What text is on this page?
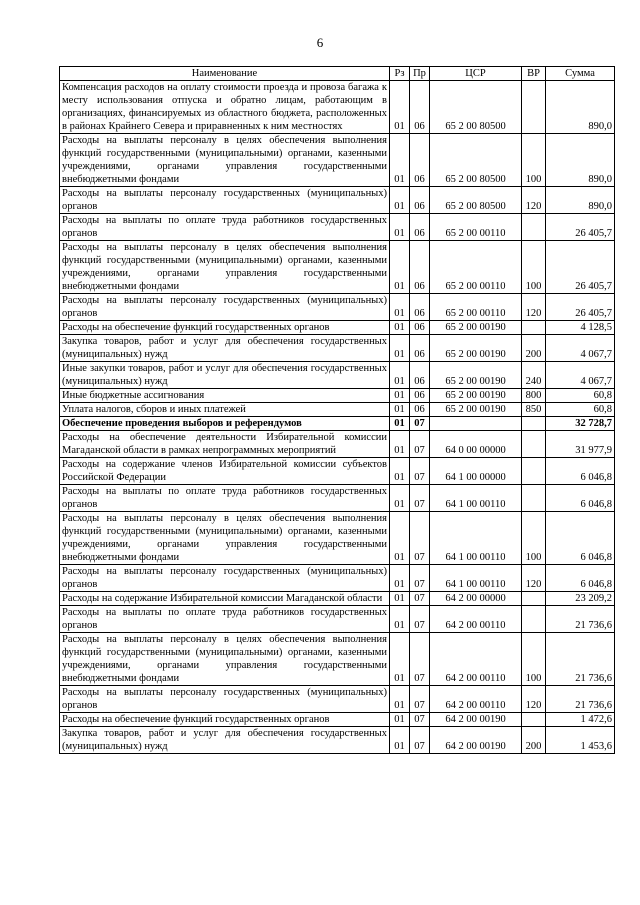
6
Наименование	Рз	Пр	ЦСР	ВР	Сумма
Компенсация расходов на оплату стоимости проезда и провоза багажа к месту использования отпуска и обратно лицам, работающим в организациях, финансируемых из областного бюджета, расположенных в районах Крайнего Севера и приравненных к ним местностях	01	06	65 2 00 80500		890,0
Расходы на выплаты персоналу в целях обеспечения выполнения функций государственными (муниципальными) органами, казенными учреждениями, органами управления государственными внебюджетными фондами	01	06	65 2 00 80500	100	890,0
Расходы на выплаты персоналу государственных (муниципальных) органов	01	06	65 2 00 80500	120	890,0
Расходы на выплаты по оплате труда работников государственных органов	01	06	65 2 00 00110		26 405,7
Расходы на выплаты персоналу в целях обеспечения выполнения функций государственными (муниципальными) органами, казенными учреждениями, органами управления государственными внебюджетными фондами	01	06	65 2 00 00110	100	26 405,7
Расходы на выплаты персоналу государственных (муниципальных) органов	01	06	65 2 00 00110	120	26 405,7
Расходы на обеспечение функций государственных органов	01	06	65 2 00 00190		4 128,5
Закупка товаров, работ и услуг для обеспечения государственных (муниципальных) нужд	01	06	65 2 00 00190	200	4 067,7
Иные закупки товаров, работ и услуг для обеспечения государственных (муниципальных) нужд	01	06	65 2 00 00190	240	4 067,7
Иные бюджетные ассигнования	01	06	65 2 00 00190	800	60,8
Уплата налогов, сборов и иных платежей	01	06	65 2 00 00190	850	60,8
Обеспечение проведения выборов и референдумов	01	07			32 728,7
Расходы на обеспечение деятельности Избирательной комиссии Магаданской области в рамках непрограммных мероприятий	01	07	64 0 00 00000		31 977,9
Расходы на содержание членов Избирательной комиссии субъектов Российской Федерации	01	07	64 1 00 00000		6 046,8
Расходы на выплаты по оплате труда работников государственных органов	01	07	64 1 00 00110		6 046,8
Расходы на выплаты персоналу в целях обеспечения выполнения функций государственными (муниципальными) органами, казенными учреждениями, органами управления государственными внебюджетными фондами	01	07	64 1 00 00110	100	6 046,8
Расходы на выплаты персоналу государственных (муниципальных) органов	01	07	64 1 00 00110	120	6 046,8
Расходы на содержание Избирательной комиссии Магаданской области	01	07	64 2 00 00000		23 209,2
Расходы на выплаты по оплате труда работников государственных органов	01	07	64 2 00 00110		21 736,6
Расходы на выплаты персоналу в целях обеспечения выполнения функций государственными (муниципальными) органами, казенными учреждениями, органами управления государственными внебюджетными фондами	01	07	64 2 00 00110	100	21 736,6
Расходы на выплаты персоналу государственных (муниципальных) органов	01	07	64 2 00 00110	120	21 736,6
Расходы на обеспечение функций государственных органов	01	07	64 2 00 00190		1 472,6
Закупка товаров, работ и услуг для обеспечения государственных (муниципальных) нужд	01	07	64 2 00 00190	200	1 453,6
